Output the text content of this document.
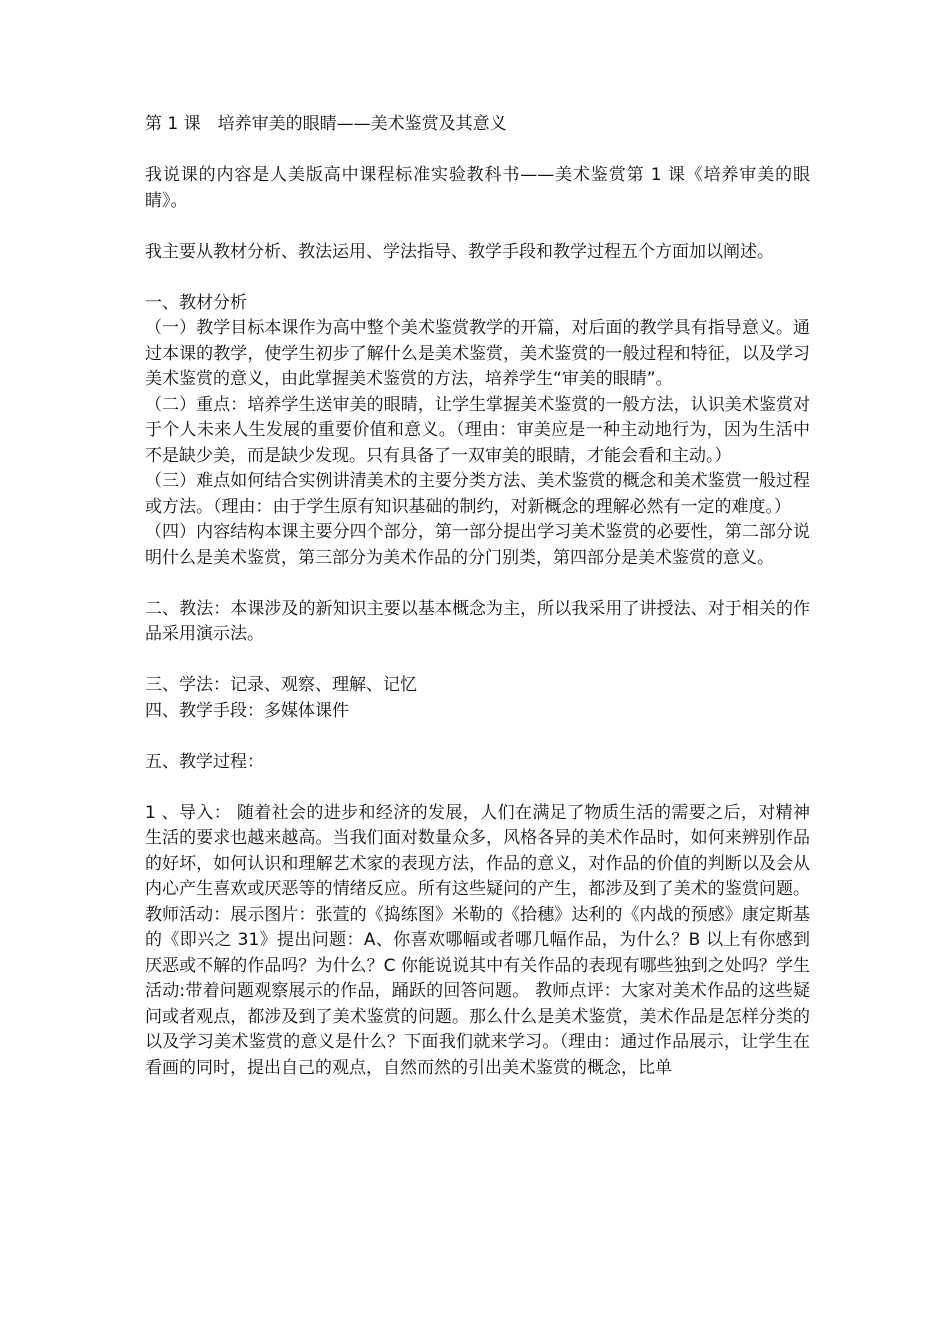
第 1 课　培养审美的眼睛——美术鉴赏及其意义

我说课的内容是人美版高中课程标准实验教科书——美术鉴赏第 1 课《培养审美的眼睛》。

我主要从教材分析、教法运用、学法指导、教学手段和教学过程五个方面加以阐述。

一、教材分析

（一）教学目标本课作为高中整个美术鉴赏教学的开篇，对后面的教学具有指导意义。通过本课的教学，使学生初步了解什么是美术鉴赏，美术鉴赏的一般过程和特征，以及学习美术鉴赏的意义，由此掌握美术鉴赏的方法，培养学生“审美的眼睛”。

（二）重点：培养学生送审美的眼睛，让学生掌握美术鉴赏的一般方法，认识美术鉴赏对于个人未来人生发展的重要价值和意义。（理由：审美应是一种主动地行为，因为生活中不是缺少美，而是缺少发现。只有具备了一双审美的眼睛，才能会看和主动。）

（三）难点如何结合实例讲清美术的主要分类方法、美术鉴赏的概念和美术鉴赏一般过程或方法。（理由：由于学生原有知识基础的制约，对新概念的理解必然有一定的难度。）

（四）内容结构本课主要分四个部分，第一部分提出学习美术鉴赏的必要性，第二部分说明什么是美术鉴赏，第三部分为美术作品的分门别类，第四部分是美术鉴赏的意义。

二、教法：本课涉及的新知识主要以基本概念为主，所以我采用了讲授法、对于相关的作品采用演示法。

三、学法：记录、观察、理解、记忆

四、教学手段：多媒体课件

五、教学过程：

1 、导入： 随着社会的进步和经济的发展，人们在满足了物质生活的需要之后，对精神生活的要求也越来越高。当我们面对数量众多，风格各异的美术作品时，如何来辨别作品的好坏，如何认识和理解艺术家的表现方法，作品的意义，对作品的价值的判断以及会从内心产生喜欢或厌恶等的情绪反应。所有这些疑问的产生，都涉及到了美术的鉴赏问题。教师活动：展示图片：张萱的《捣练图》米勒的《拾穗》达利的《内战的预感》康定斯基的《即兴之 31》提出问题：A、你喜欢哪幅或者哪几幅作品，为什么？B 以上有你感到厌恶或不解的作品吗？为什么？C 你能说说其中有关作品的表现有哪些独到之处吗？学生活动:带着问题观察展示的作品，踊跃的回答问题。 教师点评：大家对美术作品的这些疑问或者观点，都涉及到了美术鉴赏的问题。那么什么是美术鉴赏，美术作品是怎样分类的以及学习美术鉴赏的意义是什么？下面我们就来学习。（理由：通过作品展示，让学生在看画的同时，提出自己的观点，自然而然的引出美术鉴赏的概念，比单
